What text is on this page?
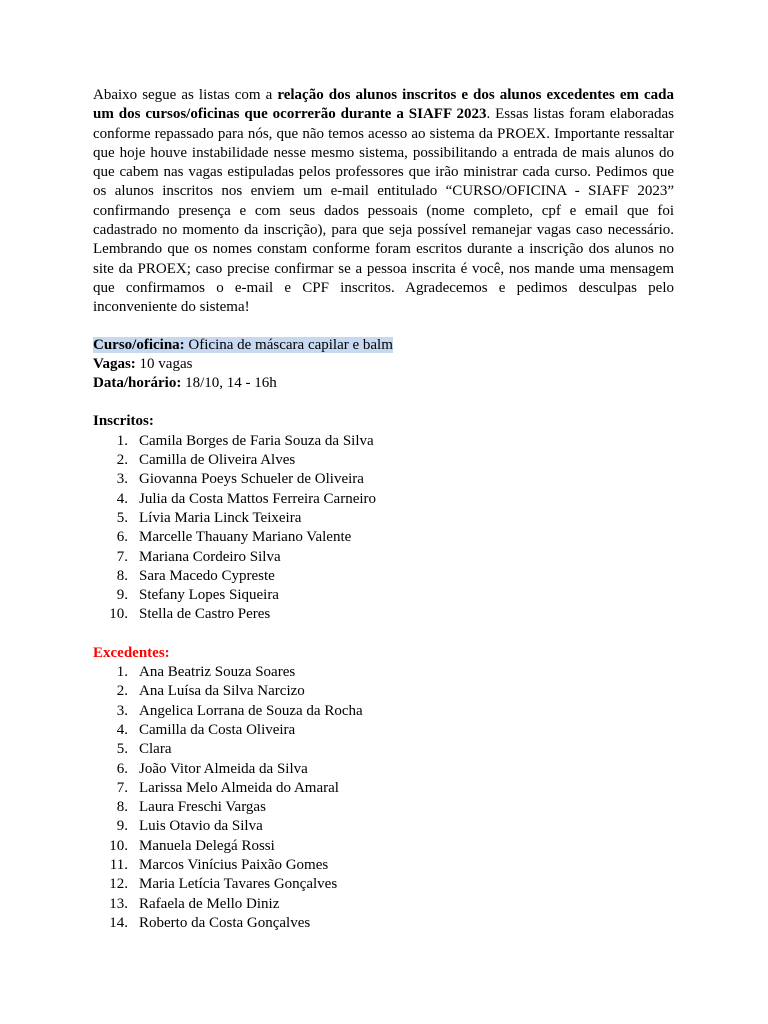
Abaixo segue as listas com a relação dos alunos inscritos e dos alunos excedentes em cada um dos cursos/oficinas que ocorrerão durante a SIAFF 2023. Essas listas foram elaboradas conforme repassado para nós, que não temos acesso ao sistema da PROEX. Importante ressaltar que hoje houve instabilidade nesse mesmo sistema, possibilitando a entrada de mais alunos do que cabem nas vagas estipuladas pelos professores que irão ministrar cada curso. Pedimos que os alunos inscritos nos enviem um e-mail entitulado “CURSO/OFICINA - SIAFF 2023” confirmando presença e com seus dados pessoais (nome completo, cpf e email que foi cadastrado no momento da inscrição), para que seja possível remanejar vagas caso necessário. Lembrando que os nomes constam conforme foram escritos durante a inscrição dos alunos no site da PROEX; caso precise confirmar se a pessoa inscrita é você, nos mande uma mensagem que confirmamos o e-mail e CPF inscritos. Agradecemos e pedimos desculpas pelo inconveniente do sistema!

Curso/oficina: Oficina de máscara capilar e balm
Vagas: 10 vagas
Data/horário: 18/10, 14 - 16h
Inscritos:
1. Camila Borges de Faria Souza da Silva
2. Camilla de Oliveira Alves
3. Giovanna Poeys Schueler de Oliveira
4. Julia da Costa Mattos Ferreira Carneiro
5. Lívia Maria Linck Teixeira
6. Marcelle Thauany Mariano Valente
7. Mariana Cordeiro Silva
8. Sara Macedo Cypreste
9. Stefany Lopes Siqueira
10. Stella de Castro Peres
Excedentes:
1. Ana Beatriz Souza Soares
2. Ana Luísa da Silva Narcizo
3. Angelica Lorrana de Souza da Rocha
4. Camilla da Costa Oliveira
5. Clara
6. João Vitor Almeida da Silva
7. Larissa Melo Almeida do Amaral
8. Laura Freschi Vargas
9. Luis Otavio da Silva
10. Manuela Delegá Rossi
11. Marcos Vinícius Paixão Gomes
12. Maria Letícia Tavares Gonçalves
13. Rafaela de Mello Diniz
14. Roberto da Costa Gonçalves
